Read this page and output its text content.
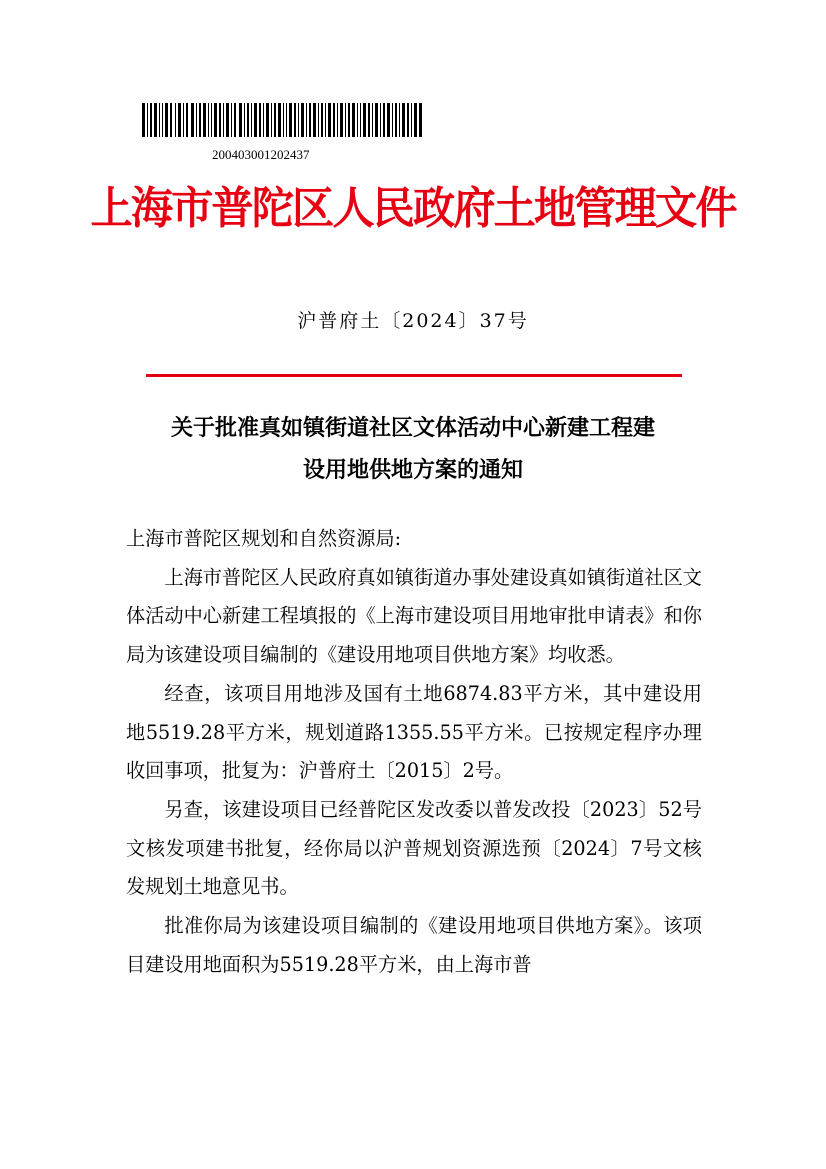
200403001202437
上海市普陀区人民政府土地管理文件
沪普府土〔2024〕37号
关于批准真如镇街道社区文体活动中心新建工程建
设用地供地方案的通知

上海市普陀区规划和自然资源局:

上海市普陀区人民政府真如镇街道办事处建设真如镇街道社区文体活动中心新建工程填报的《上海市建设项目用地审批申请表》和你局为该建设项目编制的《建设用地项目供地方案》均收悉。

经查，该项目用地涉及国有土地6874.83平方米，其中建设用地5519.28平方米，规划道路1355.55平方米。已按规定程序办理收回事项，批复为：沪普府土〔2015〕2号。

另查，该建设项目已经普陀区发改委以普发改投〔2023〕52号文核发项建书批复，经你局以沪普规划资源选预〔2024〕7号文核发规划土地意见书。

批准你局为该建设项目编制的《建设用地项目供地方案》。该项目建设用地面积为5519.28平方米，由上海市普
